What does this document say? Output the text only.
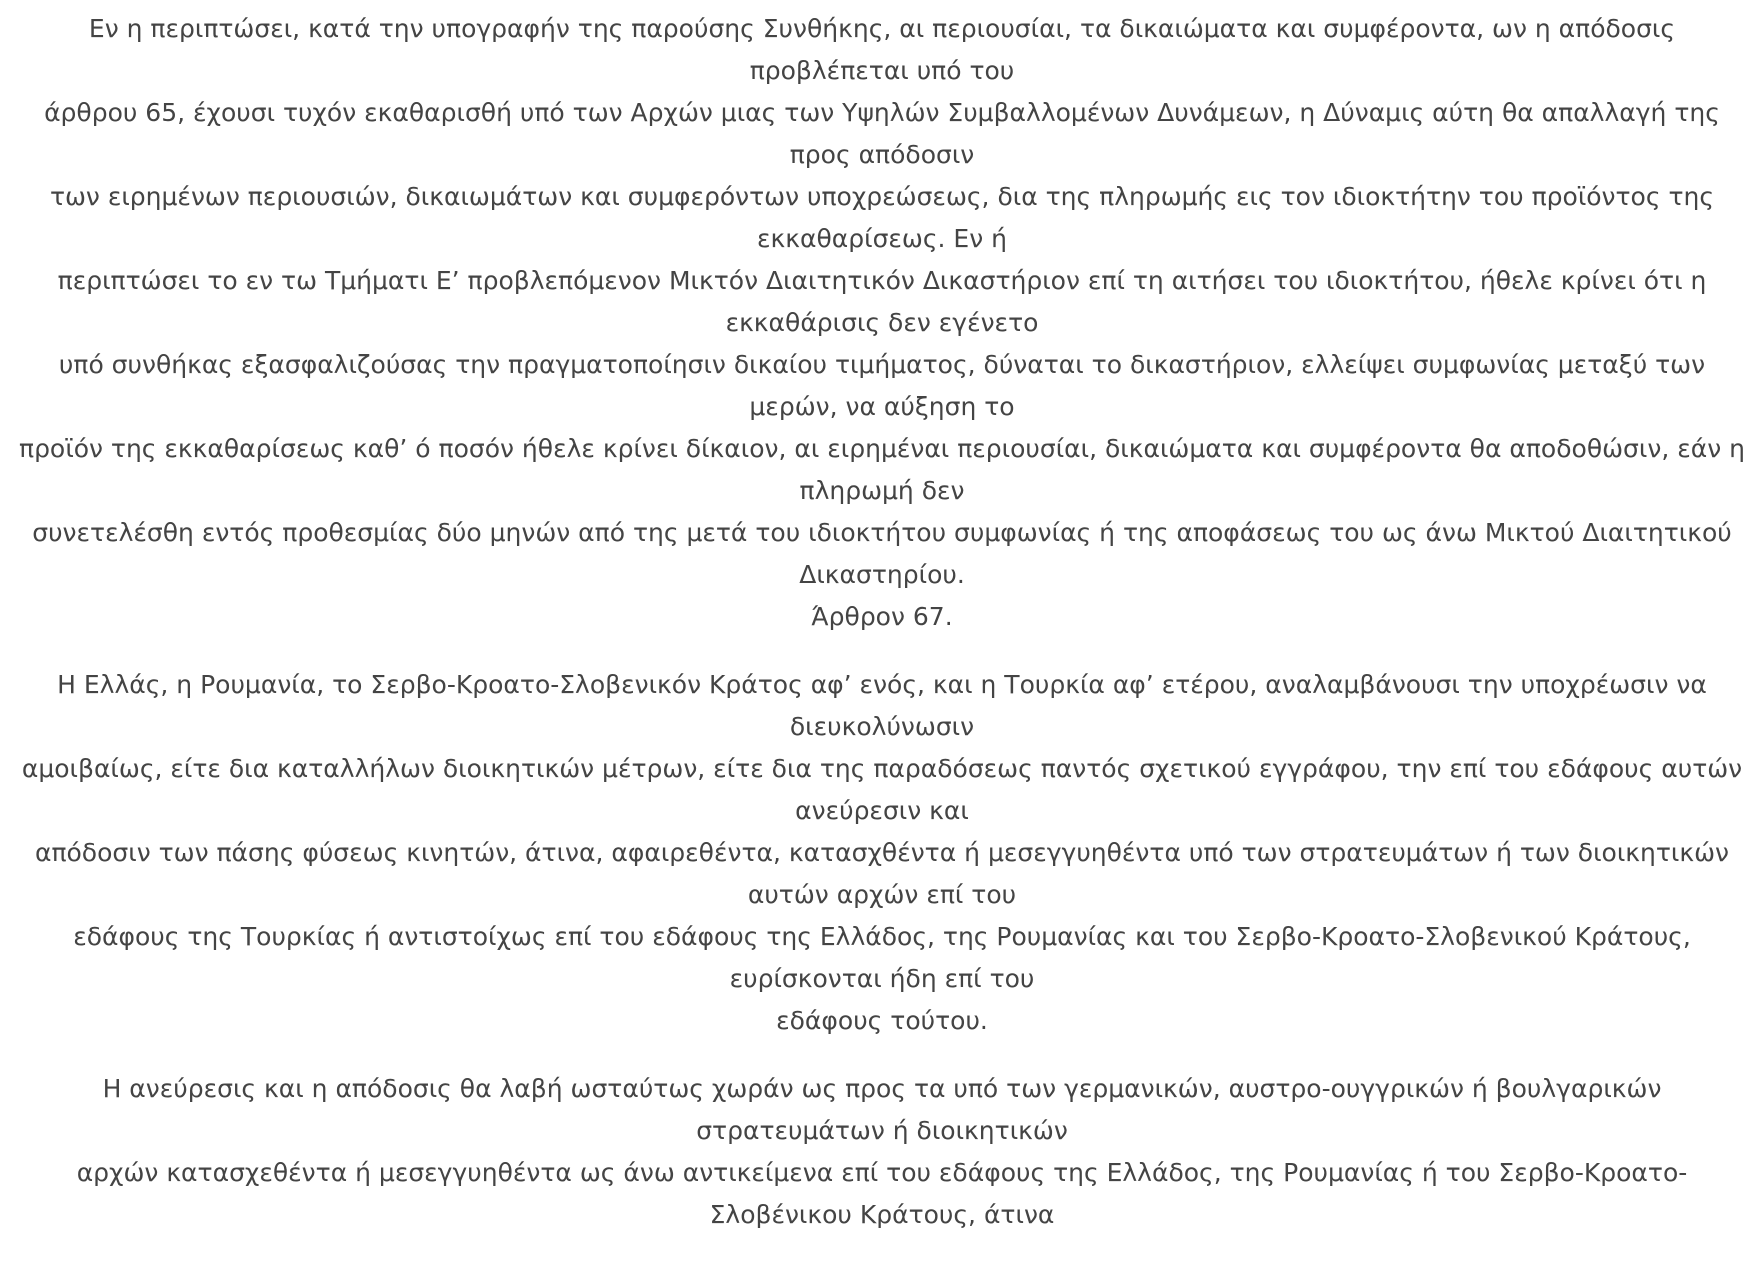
Εν η περιπτώσει, κατά την υπογραφήν της παρούσης Συνθήκης, αι περιουσίαι, τα δικαιώματα και συμφέροντα, ων η απόδοσις προβλέπεται υπό του
άρθρου 65, έχουσι τυχόν εκαθαρισθή υπό των Αρχών μιας των Υψηλών Συμβαλλομένων Δυνάμεων, η Δύναμις αύτη θα απαλλαγή της προς απόδοσιν
των ειρημένων περιουσιών, δικαιωμάτων και συμφερόντων υποχρεώσεως, δια της πληρωμής εις τον ιδιοκτήτην του προϊόντος της εκκαθαρίσεως. Εν ή
περιπτώσει το εν τω Τμήματι Ε’ προβλεπόμενον Μικτόν Διαιτητικόν Δικαστήριον επί τη αιτήσει του ιδιοκτήτου, ήθελε κρίνει ότι η εκκαθάρισις δεν εγένετο
υπό συνθήκας εξασφαλιζούσας την πραγματοποίησιν δικαίου τιμήματος, δύναται το δικαστήριον, ελλείψει συμφωνίας μεταξύ των μερών, να αύξηση το
προϊόν της εκκαθαρίσεως καθ’ ό ποσόν ήθελε κρίνει δίκαιον, αι ειρημέναι περιουσίαι, δικαιώματα και συμφέροντα θα αποδοθώσιν, εάν η πληρωμή δεν
συνετελέσθη εντός προθεσμίας δύο μηνών από της μετά του ιδιοκτήτου συμφωνίας ή της αποφάσεως του ως άνω Μικτού Διαιτητικού Δικαστηρίου.

Άρθρον 67.

Η Ελλάς, η Ρουμανία, το Σερβο-Κροατο-Σλοβενικόν Κράτος αφ’ ενός, και η Τουρκία αφ’ ετέρου, αναλαμβάνουσι την υποχρέωσιν να διευκολύνωσιν
αμοιβαίως, είτε δια καταλλήλων διοικητικών μέτρων, είτε δια της παραδόσεως παντός σχετικού εγγράφου, την επί του εδάφους αυτών ανεύρεσιν και
απόδοσιν των πάσης φύσεως κινητών, άτινα, αφαιρεθέντα, κατασχθέντα ή μεσεγγυηθέντα υπό των στρατευμάτων ή των διοικητικών αυτών αρχών επί του
εδάφους της Τουρκίας ή αντιστοίχως επί του εδάφους της Ελλάδος, της Ρουμανίας και του Σερβο-Κροατο-Σλοβενικού Κράτους, ευρίσκονται ήδη επί του
εδάφους τούτου.

Η ανεύρεσις και η απόδοσις θα λαβή ωσταύτως χωράν ως προς τα υπό των γερμανικών, αυστρο-ουγγρικών ή βουλγαρικών στρατευμάτων ή διοικητικών
αρχών κατασχεθέντα ή μεσεγγυηθέντα ως άνω αντικείμενα επί του εδάφους της Ελλάδος, της Ρουμανίας ή του Σερβο-Κροατο-Σλοβένικου Κράτους, άτινα
